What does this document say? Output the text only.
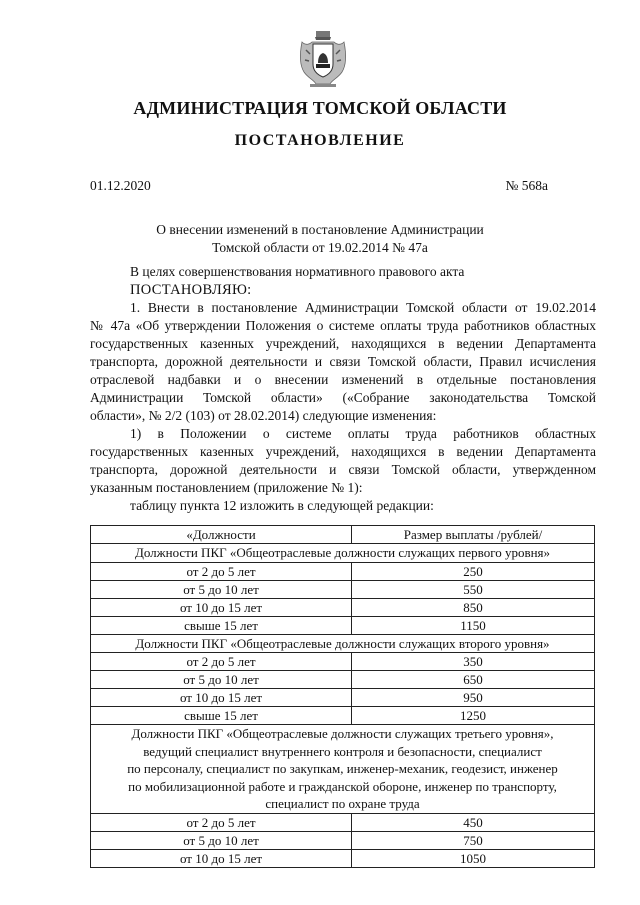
АДМИНИСТРАЦИЯ ТОМСКОЙ ОБЛАСТИ
ПОСТАНОВЛЕНИЕ
01.12.2020	№ 568а
О внесении изменений в постановление Администрации
Томской области от 19.02.2014 № 47а
В целях совершенствования нормативного правового акта
ПОСТАНОВЛЯЮ:
1. Внести в постановление Администрации Томской области от 19.02.2014
№ 47а «Об утверждении Положения о системе оплаты труда работников областных
государственных казенных учреждений, находящихся в ведении Департамента
транспорта, дорожной деятельности и связи Томской области, Правил исчисления
отраслевой надбавки и о внесении изменений в отдельные постановления
Администрации Томской области» («Собрание законодательства Томской
области», № 2/2 (103) от 28.02.2014) следующие изменения:
1) в Положении о системе оплаты труда работников областных
государственных казенных учреждений, находящихся в ведении Департамента
транспорта, дорожной деятельности и связи Томской области, утвержденном
указанным постановлением (приложение № 1):
«Должности	Размер выплаты /рублей/
Должности ПКГ «Общеотраслевые должности служащих первого уровня»	
от 2 до 5 лет	250
от 5 до 10 лет	550
от 10 до 15 лет	850
свыше 15 лет	1150
Должности ПКГ «Общеотраслевые должности служащих второго уровня»	
от 2 до 5 лет	350
от 5 до 10 лет	650
от 10 до 15 лет	950
свыше 15 лет	1250

Должности ПКГ «Общеотраслевые должности служащих третьего уровня»,
ведущий специалист внутреннего контроля и безопасности, специалист
по персоналу, специалист по закупкам, инженер-механик, геодезист, инженер
по мобилизационной работе и гражданской обороне, инженер по транспорту,
специалист по охране труда	

от 2 до 5 лет	450
от 5 до 10 лет	750
от 10 до 15 лет	1050
таблицу пункта 12 изложить в следующей редакции:
